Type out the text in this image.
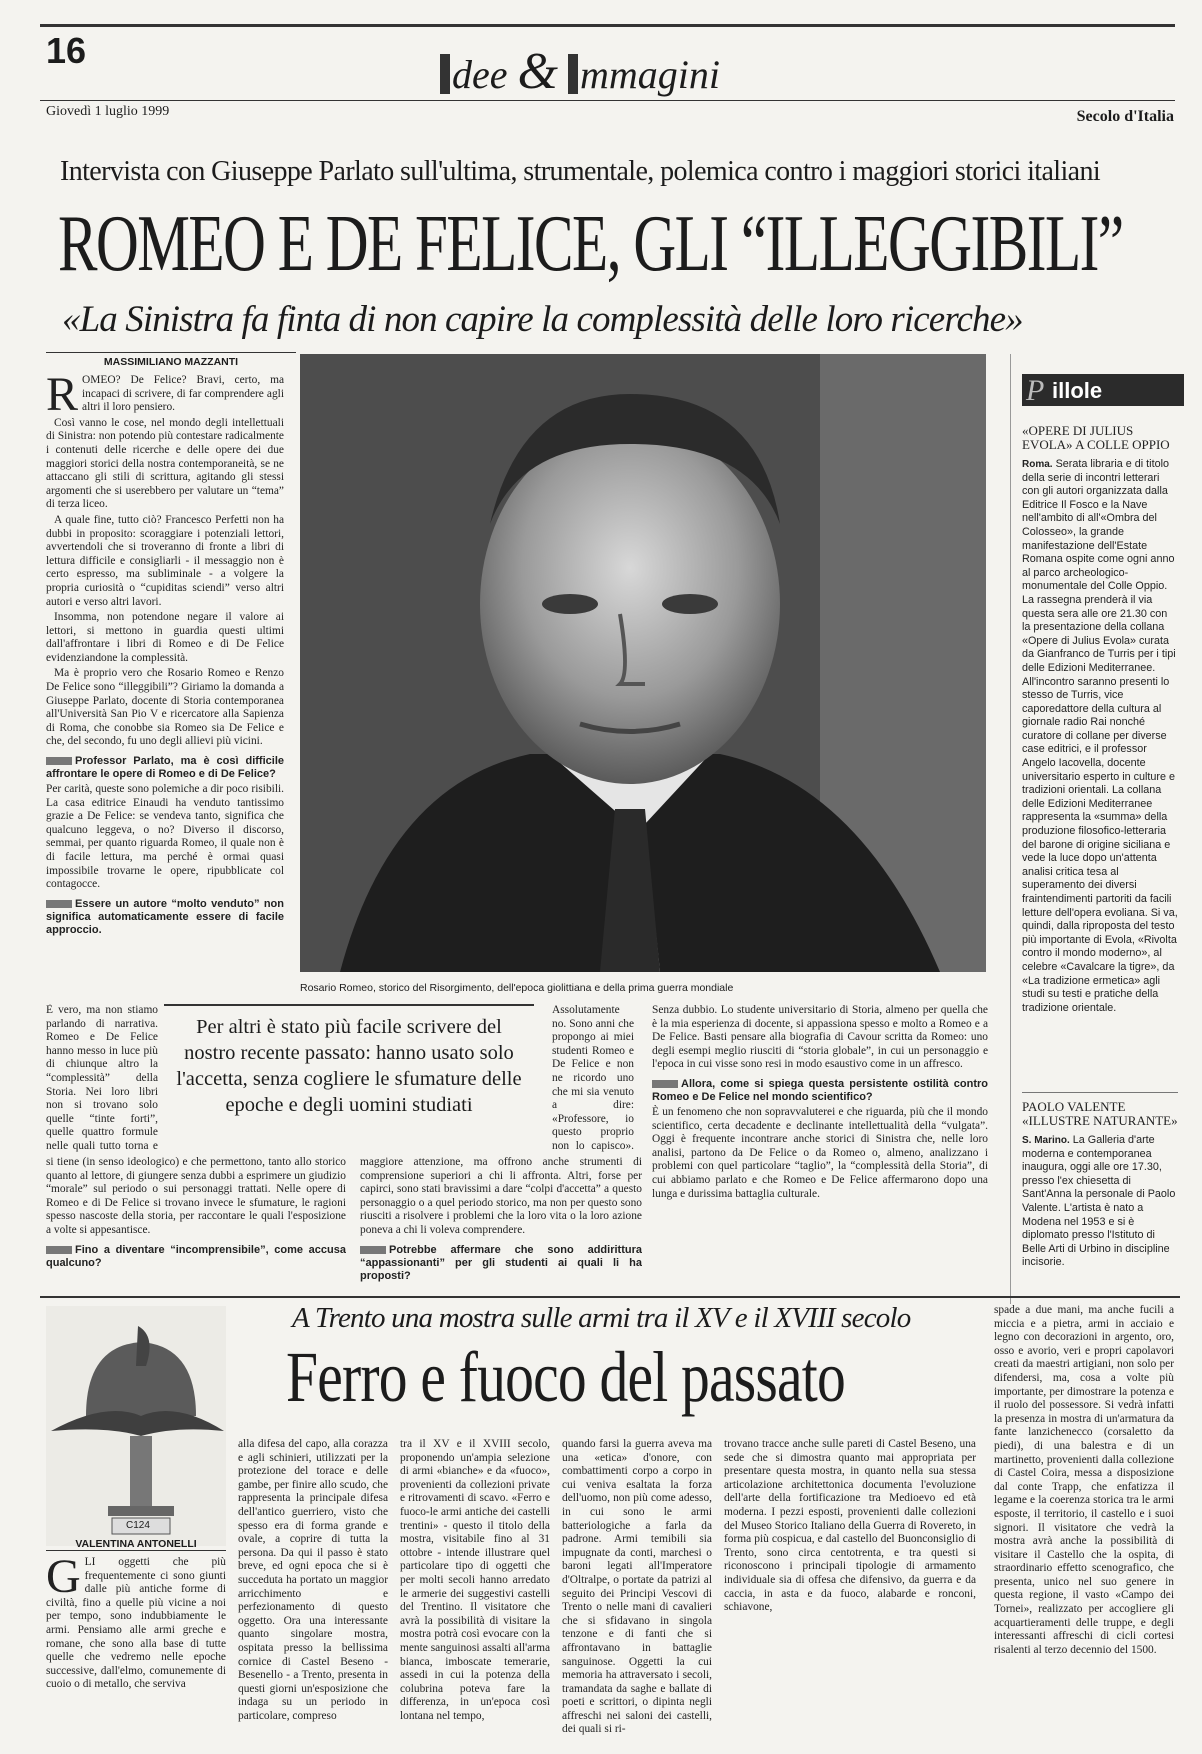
16
dee & mmagini
Giovedì 1 luglio 1999	Secolo d'Italia
Intervista con Giuseppe Parlato sull'ultima, strumentale, polemica contro i maggiori storici italiani
ROMEO E DE FELICE, GLI “ILLEGGIBILI”
«La Sinistra fa finta di non capire la complessità delle loro ricerche»
MASSIMILIANO MAZZANTI
R OMEO? De Felice? Bravi, certo, ma incapaci di scrivere, di far comprendere agli altri il loro pensiero.

Così vanno le cose, nel mondo degli intellettuali di Sinistra: non potendo più contestare radicalmente i contenuti delle ricerche e delle opere dei due maggiori storici della nostra contemporaneità, se ne attaccano gli stili di scrittura, agitando gli stessi argomenti che si userebbero per valutare un “tema” di terza liceo.

A quale fine, tutto ciò? Francesco Perfetti non ha dubbi in proposito: scoraggiare i potenziali lettori, avvertendoli che si troveranno di fronte a libri di lettura difficile e consigliarli - il messaggio non è certo espresso, ma subliminale - a volgere la propria curiosità o “cupiditas sciendi” verso altri autori e verso altri lavori.

Insomma, non potendone negare il valore ai lettori, si mettono in guardia questi ultimi dall'affrontare i libri di Romeo e di De Felice evidenziandone la complessità.

Ma è proprio vero che Rosario Romeo e Renzo De Felice sono “illeggibili”? Giriamo la domanda a Giuseppe Parlato, docente di Storia contemporanea all'Università San Pio V e ricercatore alla Sapienza di Roma, che conobbe sia Romeo sia De Felice e che, del secondo, fu uno degli allievi più vicini.

Professor Parlato, ma è così difficile affrontare le opere di Romeo e di De Felice?

Per carità, queste sono polemiche a dir poco risibili. La casa editrice Einaudi ha venduto tantissimo grazie a De Felice: se vendeva tanto, significa che qualcuno leggeva, o no? Diverso il discorso, semmai, per quanto riguarda Romeo, il quale non è di facile lettura, ma perché è ormai quasi impossibile trovarne le opere, ripubblicate col contagocce.

Essere un autore “molto venduto” non significa automaticamente essere di facile approccio.

È vero, ma non stiamo parlando di narrativa. Romeo e De Felice hanno messo in luce più di chiunque altro la “complessità” della Storia. Nei loro libri non si trovano solo quelle “tinte forti”, quelle quattro formule nelle quali tutto torna e

Rosario Romeo, storico del Risorgimento, dell'epoca giolittiana e della prima guerra mondiale
Per altri è stato più facile scrivere del nostro recente passato: hanno usato solo l'accetta, senza cogliere le sfumature delle epoche e degli uomini studiati

Assolutamente no. Sono anni che propongo ai miei studenti Romeo e De Felice e non ne ricordo uno che mi sia venuto a dire: «Professore, io questo proprio non lo capisco».

si tiene (in senso ideologico) e che permettono, tanto allo storico quanto al lettore, di giungere senza dubbi a esprimere un giudizio “morale” sul periodo o sui personaggi trattati. Nelle opere di Romeo e di De Felice si trovano invece le sfumature, le ragioni spesso nascoste della storia, per raccontare le quali l'esposizione a volte si appesantisce.

Fino a diventare “incomprensibile”, come accusa qualcuno?

maggiore attenzione, ma offrono anche strumenti di comprensione superiori a chi li affronta. Altri, forse per capirci, sono stati bravissimi a dare “colpi d'accetta” a questo personaggio o a quel periodo storico, ma non per questo sono riusciti a risolvere i problemi che la loro vita o la loro azione poneva a chi li voleva comprendere.

Potrebbe affermare che sono addirittura “appassionanti” per gli studenti ai quali li ha proposti?

Senza dubbio. Lo studente universitario di Storia, almeno per quella che è la mia esperienza di docente, si appassiona spesso e molto a Romeo e a De Felice. Basti pensare alla biografia di Cavour scritta da Romeo: uno degli esempi meglio riusciti di “storia globale”, in cui un personaggio e l'epoca in cui visse sono resi in modo esaustivo come in un affresco.

Allora, come si spiega questa persistente ostilità contro Romeo e De Felice nel mondo scientifico?

È un fenomeno che non sopravvaluterei e che riguarda, più che il mondo scientifico, certa decadente e declinante intellettualità della “vulgata”. Oggi è frequente incontrare anche storici di Sinistra che, nelle loro analisi, partono da De Felice o da Romeo o, almeno, analizzano i problemi con quel particolare “taglio”, la “complessità della Storia”, di cui abbiamo parlato e che Romeo e De Felice affermarono dopo una lunga e durissima battaglia culturale.

P illole
«OPERE DI JULIUS EVOLA» A COLLE OPPIO
Roma. Serata libraria e di titolo della serie di incontri letterari con gli autori organizzata dalla Editrice Il Fosco e la Nave nell'ambito di all'«Ombra del Colosseo», la grande manifestazione dell'Estate Romana ospite come ogni anno al parco archeologico-monumentale del Colle Oppio. La rassegna prenderà il via questa sera alle ore 21.30 con la presentazione della collana «Opere di Julius Evola» curata da Gianfranco de Turris per i tipi delle Edizioni Mediterranee. All'incontro saranno presenti lo stesso de Turris, vice caporedattore della cultura al giornale radio Rai nonché curatore di collane per diverse case editrici, e il professor Angelo Iacovella, docente universitario esperto in culture e tradizioni orientali. La collana delle Edizioni Mediterranee rappresenta la «summa» della produzione filosofico-letteraria del barone di origine siciliana e vede la luce dopo un'attenta analisi critica tesa al superamento dei diversi fraintendimenti partoriti da facili letture dell'opera evoliana. Si va, quindi, dalla riproposta del testo più importante di Evola, «Rivolta contro il mondo moderno», al celebre «Cavalcare la tigre», da «La tradizione ermetica» agli studi su testi e pratiche della tradizione orientale.
PAOLO VALENTE «ILLUSTRE NATURANTE»
S. Marino. La Galleria d'arte moderna e contemporanea inaugura, oggi alle ore 17.30, presso l'ex chiesetta di Sant'Anna la personale di Paolo Valente. L'artista è nato a Modena nel 1953 e si è diplomato presso l'Istituto di Belle Arti di Urbino in discipline incisorie.
C124
A Trento una mostra sulle armi tra il XV e il XVIII secolo
Ferro e fuoco del passato
VALENTINA ANTONELLI
G LI oggetti che più frequentemente ci sono giunti dalle più antiche forme di civiltà, fino a quelle più vicine a noi per tempo, sono indubbiamente le armi. Pensiamo alle armi greche e romane, che sono alla base di tutte quelle che vedremo nelle epoche successive, dall'elmo, comunemente di cuoio o di metallo, che serviva

alla difesa del capo, alla corazza e agli schinieri, utilizzati per la protezione del torace e delle gambe, per finire allo scudo, che rappresenta la principale difesa dell'antico guerriero, visto che spesso era di forma grande e ovale, a coprire di tutta la persona. Da qui il passo è stato breve, ed ogni epoca che si è succeduta ha portato un maggior arricchimento e perfezionamento di questo oggetto. Ora una interessante quanto singolare mostra, ospitata presso la bellissima cornice di Castel Beseno - Besenello - a Trento, presenta in questi giorni un'esposizione che indaga su un periodo in particolare, compreso

tra il XV e il XVIII secolo, proponendo un'ampia selezione di armi «bianche» e da «fuoco», provenienti da collezioni private e ritrovamenti di scavo. «Ferro e fuoco-le armi antiche dei castelli trentini» - questo il titolo della mostra, visitabile fino al 31 ottobre - intende illustrare quel particolare tipo di oggetti che per molti secoli hanno arredato le armerie dei suggestivi castelli del Trentino. Il visitatore che avrà la possibilità di visitare la mostra potrà così evocare con la mente sanguinosi assalti all'arma bianca, imboscate temerarie, assedi in cui la potenza della colubrina poteva fare la differenza, in un'epoca così lontana nel tempo,

quando farsi la guerra aveva ma una «etica» d'onore, con combattimenti corpo a corpo in cui veniva esaltata la forza dell'uomo, non più come adesso, in cui sono le armi batteriologiche a farla da padrone. Armi temibili sia impugnate da conti, marchesi o baroni legati all'Imperatore d'Oltralpe, o portate da patrizi al seguito dei Principi Vescovi di Trento o nelle mani di cavalieri che si sfidavano in singola tenzone e di fanti che si affrontavano in battaglie sanguinose. Oggetti la cui memoria ha attraversato i secoli, tramandata da saghe e ballate di poeti e scrittori, o dipinta negli affreschi nei saloni dei castelli, dei quali si ri-

trovano tracce anche sulle pareti di Castel Beseno, una sede che si dimostra quanto mai appropriata per presentare questa mostra, in quanto nella sua stessa articolazione architettonica documenta l'evoluzione dell'arte della fortificazione tra Medioevo ed età moderna. I pezzi esposti, provenienti dalle collezioni del Museo Storico Italiano della Guerra di Rovereto, in forma più cospicua, e dal castello del Buonconsiglio di Trento, sono circa centotrenta, e tra questi si riconoscono i principali tipologie di armamento individuale sia di offesa che difensivo, da guerra e da caccia, in asta e da fuoco, alabarde e ronconi, schiavone,

spade a due mani, ma anche fucili a miccia e a pietra, armi in acciaio e legno con decorazioni in argento, oro, osso e avorio, veri e propri capolavori creati da maestri artigiani, non solo per difendersi, ma, cosa a volte più importante, per dimostrare la potenza e il ruolo del possessore. Si vedrà infatti la presenza in mostra di un'armatura da fante lanzichenecco (corsaletto da piedi), di una balestra e di un martinetto, provenienti dalla collezione di Castel Coira, messa a disposizione dal conte Trapp, che enfatizza il legame e la coerenza storica tra le armi esposte, il territorio, il castello e i suoi signori. Il visitatore che vedrà la mostra avrà anche la possibilità di visitare il Castello che la ospita, di straordinario effetto scenografico, che presenta, unico nel suo genere in questa regione, il vasto «Campo dei Tornei», realizzato per accogliere gli acquartieramenti delle truppe, e degli interessanti affreschi di cicli cortesi risalenti al terzo decennio del 1500.
